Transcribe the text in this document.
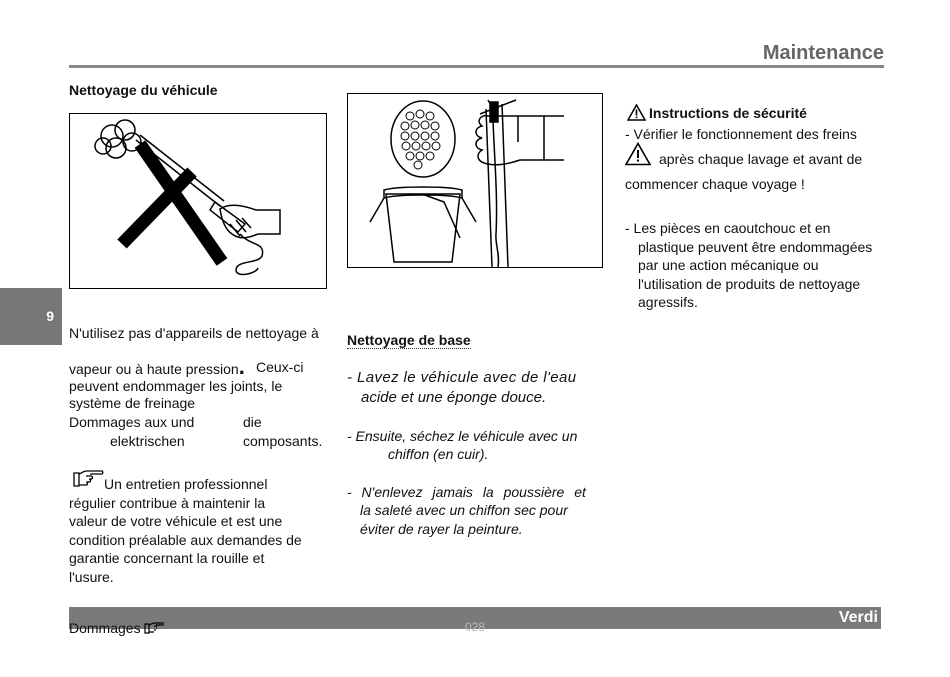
Maintenance
9
Nettoyage du véhicule
N'utilisez pas d'appareils de nettoyage à
vapeur ou à haute pression. Ceux-ci
peuvent endommager les joints, le
système de freinage
Dommages aux und	die
elektrischen	composants.
Un entretien professionnel
régulier contribue à maintenir la
valeur de votre véhicule et est une
condition préalable aux demandes de
garantie concernant la rouille et
l'usure.
Nettoyage de base
- Lavez le véhicule avec de l'eau
acide et une éponge douce.
- Ensuite, séchez le véhicule avec un
chiffon (en cuir).
- N'enlevez jamais la poussière et
la saleté avec un chiffon sec pour
éviter de rayer la peinture.
Instructions de sécurité
- Vérifier le fonctionnement des freins
après chaque lavage et avant de
commencer chaque voyage !
- Les pièces en caoutchouc et en
plastique peuvent être endommagées
par une action mécanique ou
l'utilisation de produits de nettoyage
agressifs.
Verdi
028
Dommages
